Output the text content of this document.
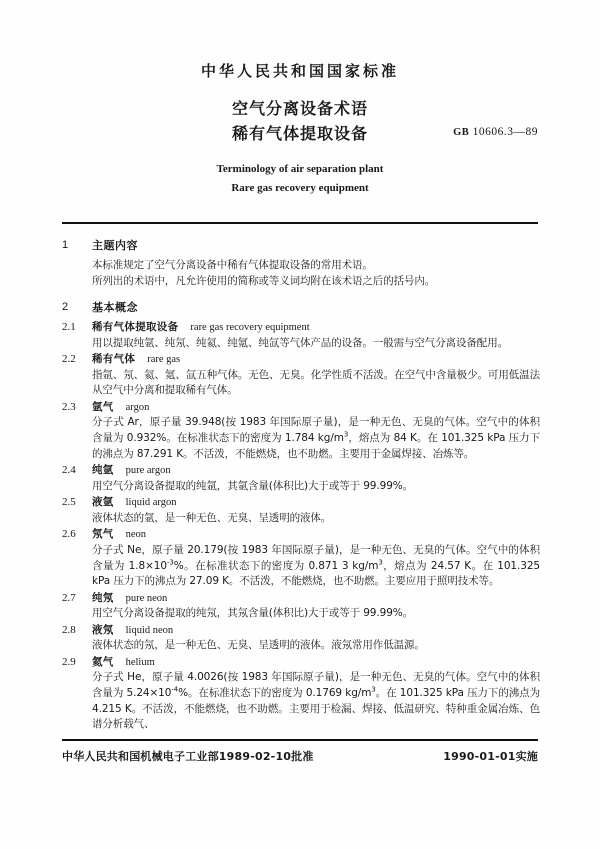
中华人民共和国国家标准
空气分离设备术语
稀有气体提取设备	GB 10606.3—89
Terminology of air separation plant
Rare gas recovery equipment
1	主题内容
本标准规定了空气分离设备中稀有气体提取设备的常用术语。
所列出的术语中，凡允许使用的简称或等义词均附在该术语之后的括号内。
2	基本概念
2.1	稀有气体提取设备 rare gas recovery equipment
用以提取纯氩、纯氖、纯氦、纯氪、纯氙等气体产品的设备。一般需与空气分离设备配用。
2.2	稀有气体 rare gas
指氩、氖、氦、氪、氙五种气体。无色、无臭。化学性质不活泼。在空气中含量极少。可用低温法从空气中分离和提取稀有气体。
2.3	氩气 argon
分子式 Ar，原子量 39.948(按 1983 年国际原子量)，是一种无色、无臭的气体。空气中的体积含量为 0.932%。在标准状态下的密度为 1.784 $kg/m^3$，熔点为 84 K。在 101.325 kPa 压力下的沸点为 87.291 K。不活泼，不能燃烧，也不助燃。主要用于金属焊接、冶炼等。
2.4	纯氩 pure argon
用空气分离设备提取的纯氩，其氩含量(体积比)大于或等于 99.99%。
2.5	液氩 liquid argon
液体状态的氩，是一种无色、无臭、呈透明的液体。
2.6	氖气 neon
分子式 Ne，原子量 20.179(按 1983 年国际原子量)，是一种无色、无臭的气体。空气中的体积含量为 $1.8\times 10^{-3}\%$。在标准状态下的密度为 0.871 3 $kg/m^3$，熔点为 24.57 K。在 101.325 kPa 压力下的沸点为 27.09 K。不活泼，不能燃烧，也不助燃。主要应用于照明技术等。
2.7	纯氖 pure neon
用空气分离设备提取的纯氖，其氖含量(体积比)大于或等于 99.99%。
2.8	液氖 liquid neon
液体状态的氖，是一种无色、无臭、呈透明的液体。液氖常用作低温源。
2.9	氦气 helium
分子式 He，原子量 4.0026(按 1983 年国际原子量)，是一种无色、无臭的气体。空气中的体积含量为 $5.24\times 10^{-4}\%$。在标准状态下的密度为 0.1769 $kg/m^3$。在 101.325 kPa 压力下的沸点为 4.215 K。不活泼，不能燃烧，也不助燃。主要用于检漏、焊接、低温研究、特种重金属冶炼、色谱分析载气、
中华人民共和国机械电子工业部1989-02-10批准	1990-01-01实施
